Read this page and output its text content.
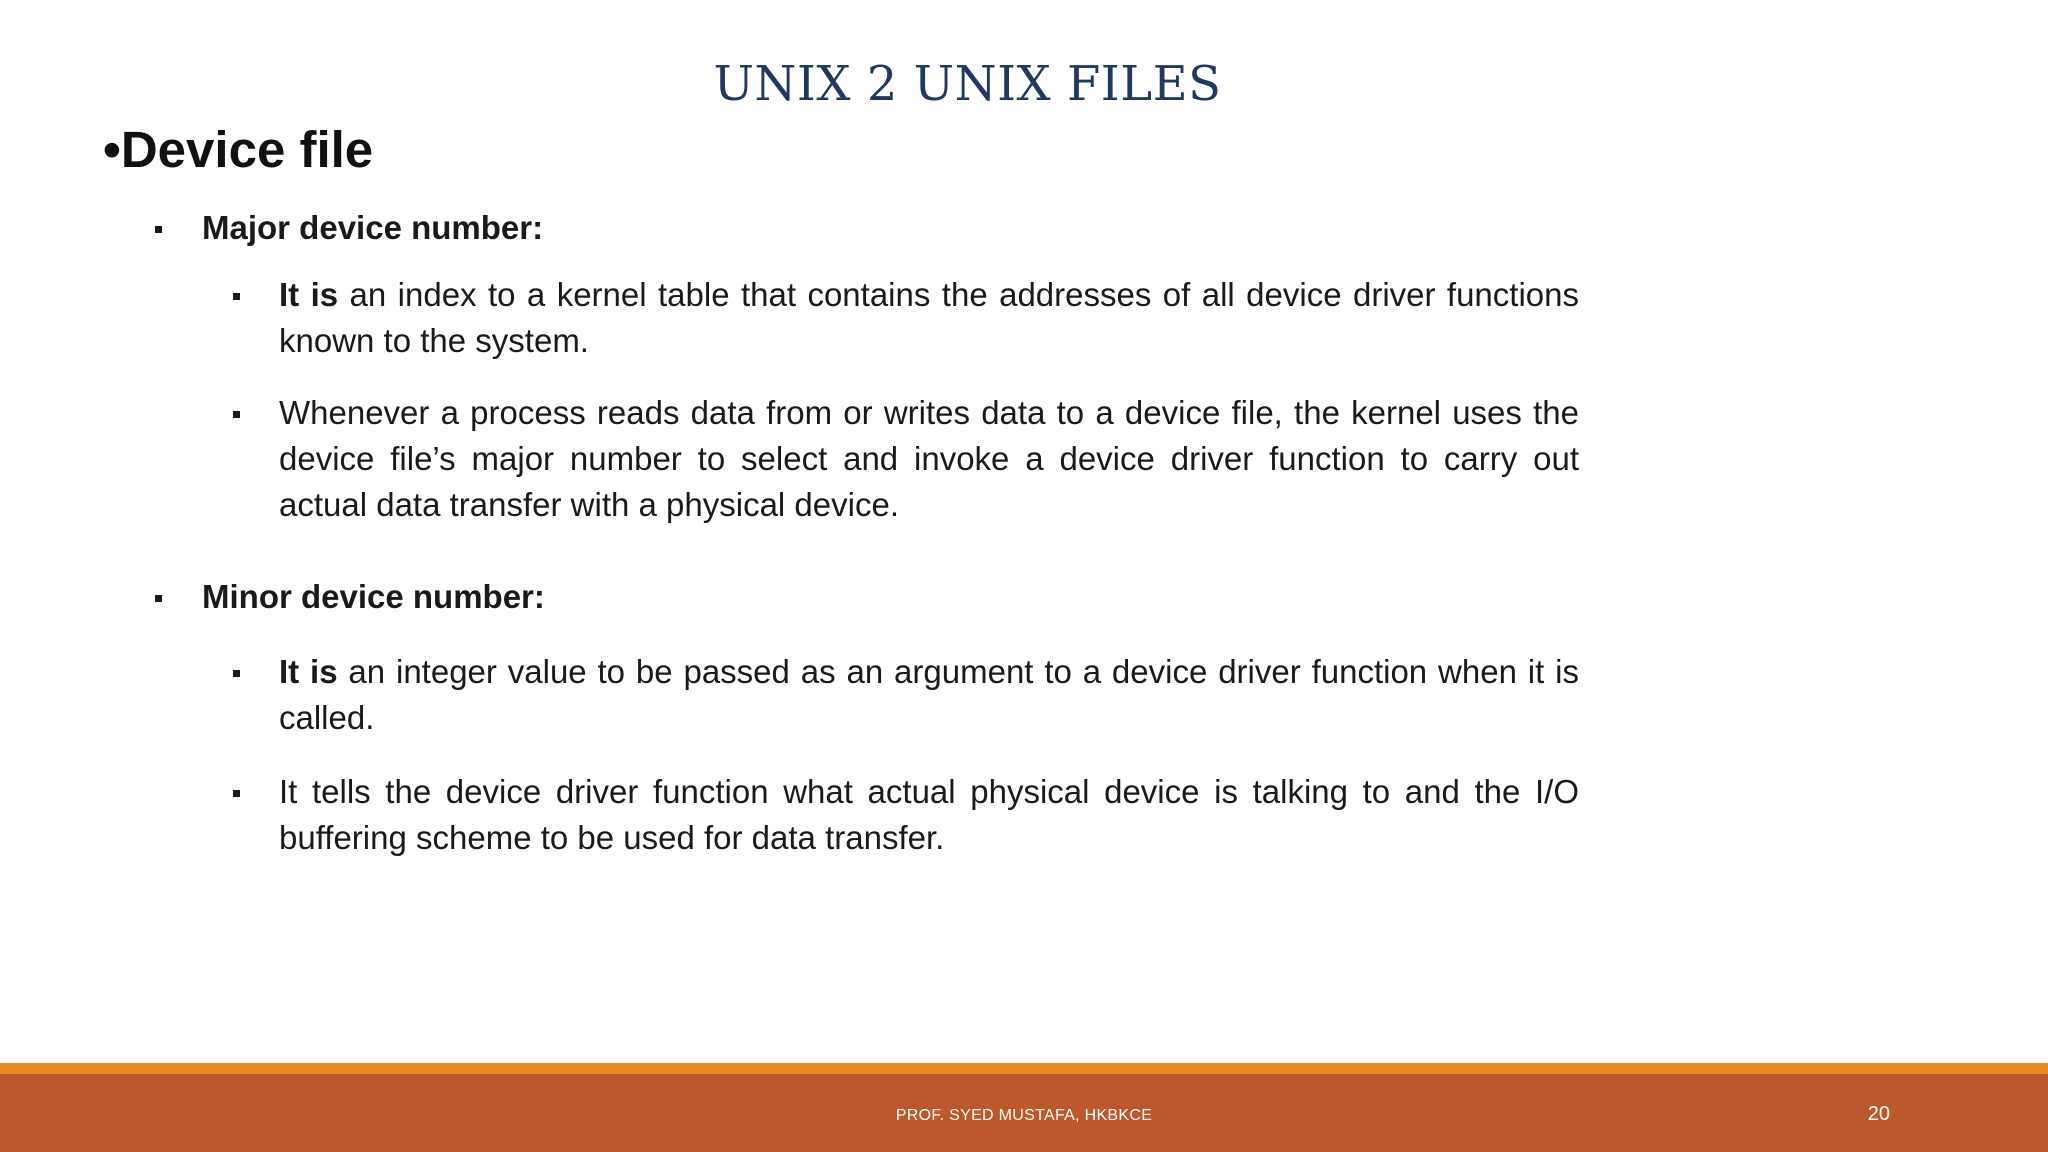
UNIX 2 UNIX FILES
•Device file
Major device number:
It is an index to a kernel table that contains the addresses of all device driver functions known to the system.
Whenever a process reads data from or writes data to a device file, the kernel uses the device file’s major number to select and invoke a device driver function to carry out actual data transfer with a physical device.
Minor device number:
It is an integer value to be passed as an argument to a device driver function when it is called.
It tells the device driver function what actual physical device is talking to and the I/O buffering scheme to be used for data transfer.
PROF. SYED MUSTAFA, HKBKCE	20
